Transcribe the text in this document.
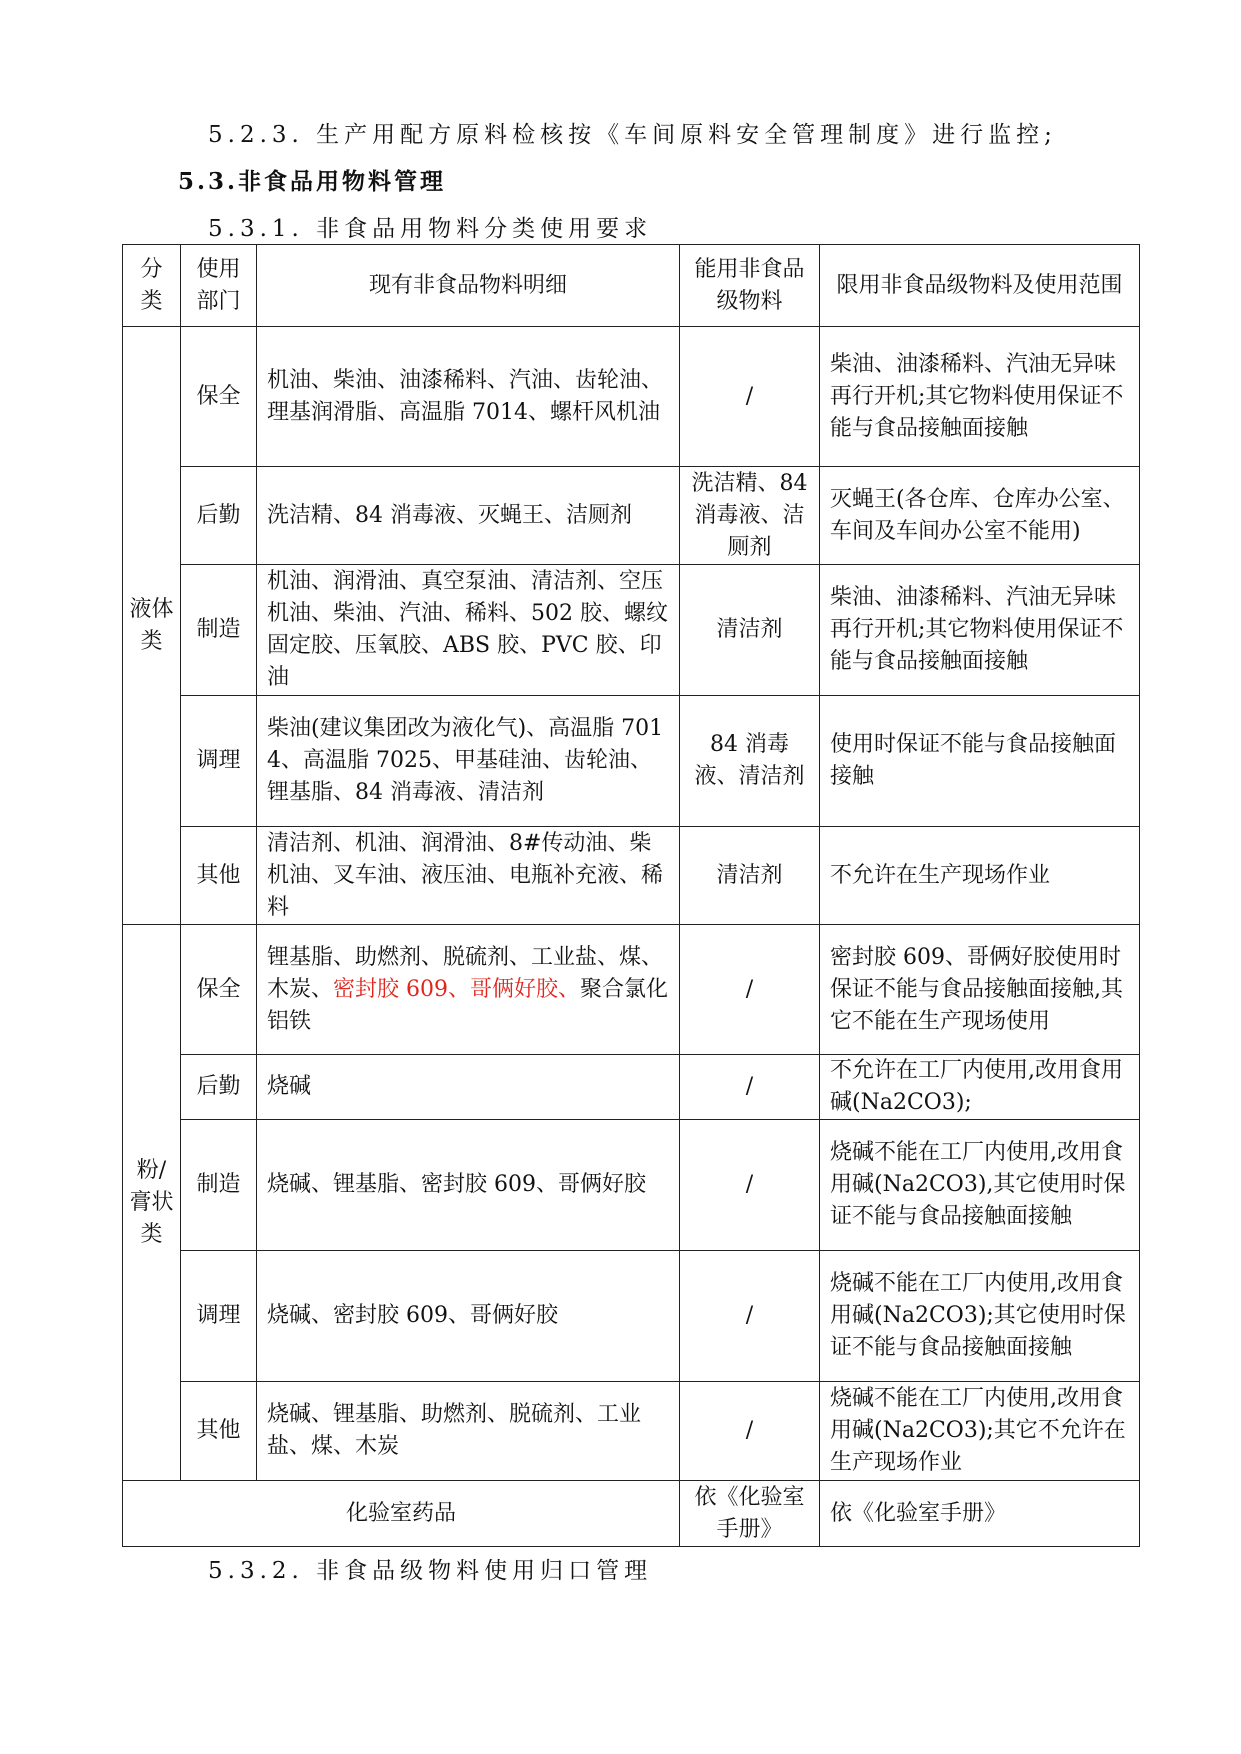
5.2.3. 生产用配方原料检核按《车间原料安全管理制度》进行监控;
5.3.非食品用物料管理
5.3.1. 非食品用物料分类使用要求
分类	使用部门	现有非食品物料明细	能用非食品级物料	限用非食品级物料及使用范围
液体类	保全	机油、柴油、油漆稀料、汽油、齿轮油、理基润滑脂、高温脂 7014、螺杆风机油	/	柴油、油漆稀料、汽油无异味再行开机;其它物料使用保证不能与食品接触面接触
	后勤	洗洁精、84 消毒液、灭蝇王、洁厕剂	洗洁精、84 消毒液、洁厕剂	灭蝇王(各仓库、仓库办公室、车间及车间办公室不能用)
	制造	机油、润滑油、真空泵油、清洁剂、空压机油、柴油、汽油、稀料、502 胶、螺纹固定胶、压氧胶、ABS 胶、PVC 胶、印油	清洁剂	柴油、油漆稀料、汽油无异味再行开机;其它物料使用保证不能与食品接触面接触
	调理	柴油(建议集团改为液化气)、高温脂 7014、高温脂 7025、甲基硅油、齿轮油、锂基脂、84 消毒液、清洁剂	84 消毒液、清洁剂	使用时保证不能与食品接触面接触
	其他	清洁剂、机油、润滑油、8#传动油、柴机油、叉车油、液压油、电瓶补充液、稀料	清洁剂	不允许在生产现场作业
粉/膏状类	保全	锂基脂、助燃剂、脱硫剂、工业盐、煤、木炭、密封胶 609、哥俩好胶、聚合氯化铝铁	/	密封胶 609、哥俩好胶使用时保证不能与食品接触面接触,其它不能在生产现场使用
	后勤	烧碱	/	不允许在工厂内使用,改用食用碱(Na2CO3);
	制造	烧碱、锂基脂、密封胶 609、哥俩好胶	/	烧碱不能在工厂内使用,改用食用碱(Na2CO3),其它使用时保证不能与食品接触面接触
	调理	烧碱、密封胶 609、哥俩好胶	/	烧碱不能在工厂内使用,改用食用碱(Na2CO3);其它使用时保证不能与食品接触面接触
	其他	烧碱、锂基脂、助燃剂、脱硫剂、工业盐、煤、木炭	/	烧碱不能在工厂内使用,改用食用碱(Na2CO3);其它不允许在生产现场作业
化验室药品			依《化验室手册》	依《化验室手册》
5.3.2. 非食品级物料使用归口管理
